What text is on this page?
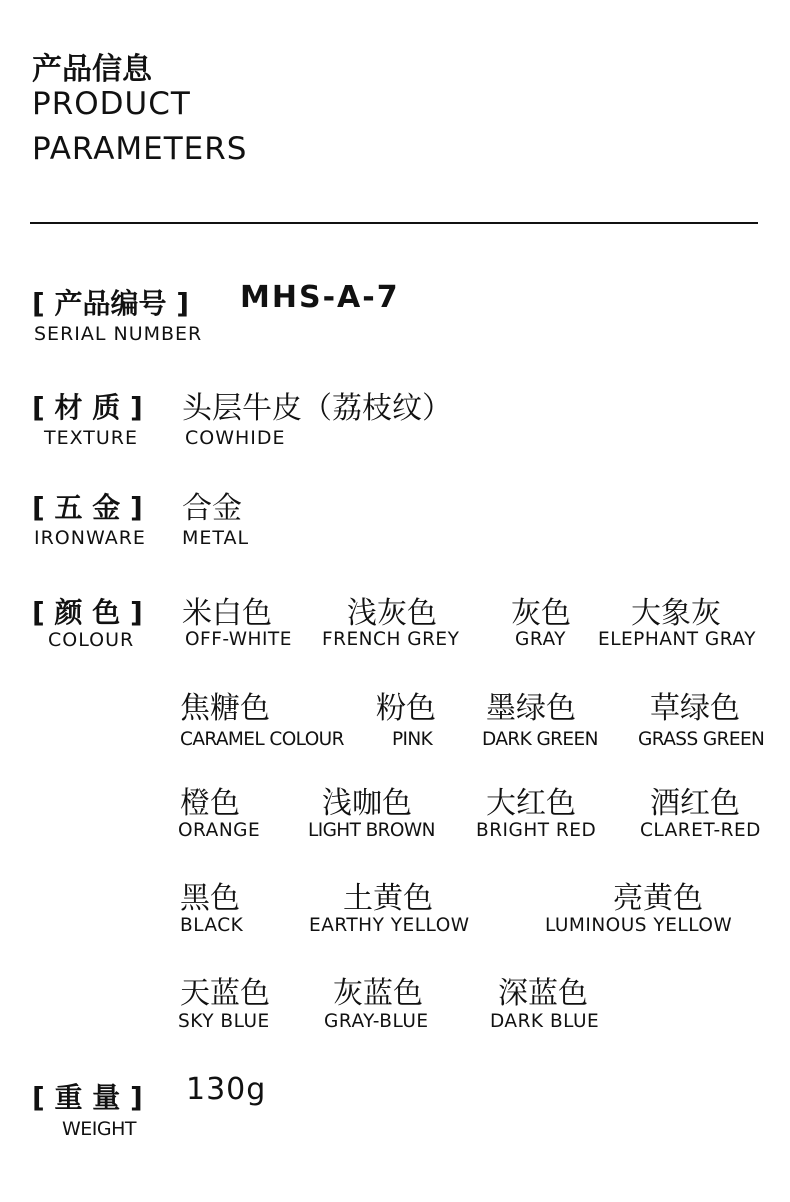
产品信息
PRODUCT
PARAMETERS
[ 产品编号 ] MHS-A-7
SERIAL NUMBER
[ 材 质 ] 头层牛皮（荔枝纹）
TEXTURE COWHIDE
[ 五 金 ] 合金
IRONWARE METAL
[ 颜 色 ]
COLOUR
米白色
OFF-WHITE
浅灰色
FRENCH GREY
灰色
GRAY
大象灰
ELEPHANT GRAY
焦糖色
CARAMEL COLOUR
粉色
PINK
墨绿色
DARK GREEN
草绿色
GRASS GREEN
橙色
ORANGE
浅咖色
LIGHT BROWN
大红色
BRIGHT RED
酒红色
CLARET-RED
黑色
BLACK
土黄色
EARTHY YELLOW
亮黄色
LUMINOUS YELLOW
天蓝色
SKY BLUE
灰蓝色
GRAY-BLUE
深蓝色
DARK BLUE
[ 重 量 ] 130g
WEIGHT
